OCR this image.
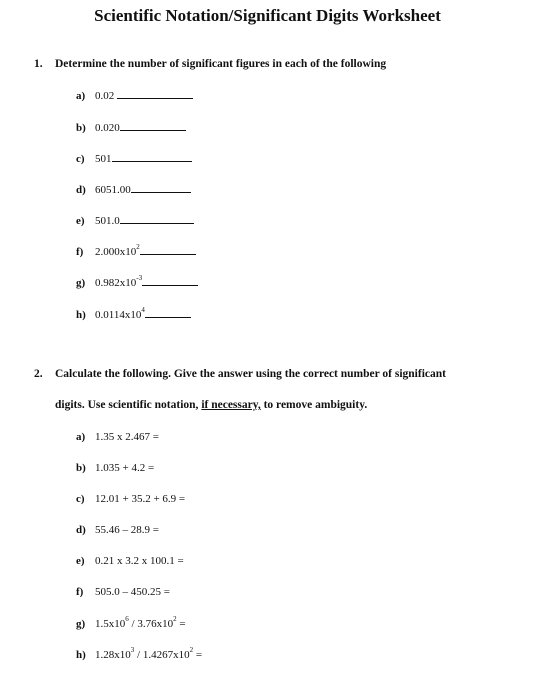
Scientific Notation/Significant Digits Worksheet
1. Determine the number of significant figures in each of the following
a) 0.02
b) 0.020
c) 501
d) 6051.00
e) 501.0
f) $2.000x10^2$
g) $0.982x10^{-3}$
h) $0.0114x10^4$
2. Calculate the following. Give the answer using the correct number of significant
digits. Use scientific notation, if necessary, to remove ambiguity.
a) 1.35 x 2.467 =
b) 1.035 + 4.2 =
c) 12.01 + 35.2 + 6.9 =
d) 55.46 – 28.9 =
e) 0.21 x 3.2 x 100.1 =
f) 505.0 – 450.25 =
g) $1.5x10^6 / 3.76x10^2$ =
h) $1.28x10^3 / 1.4267x10^2$ =
